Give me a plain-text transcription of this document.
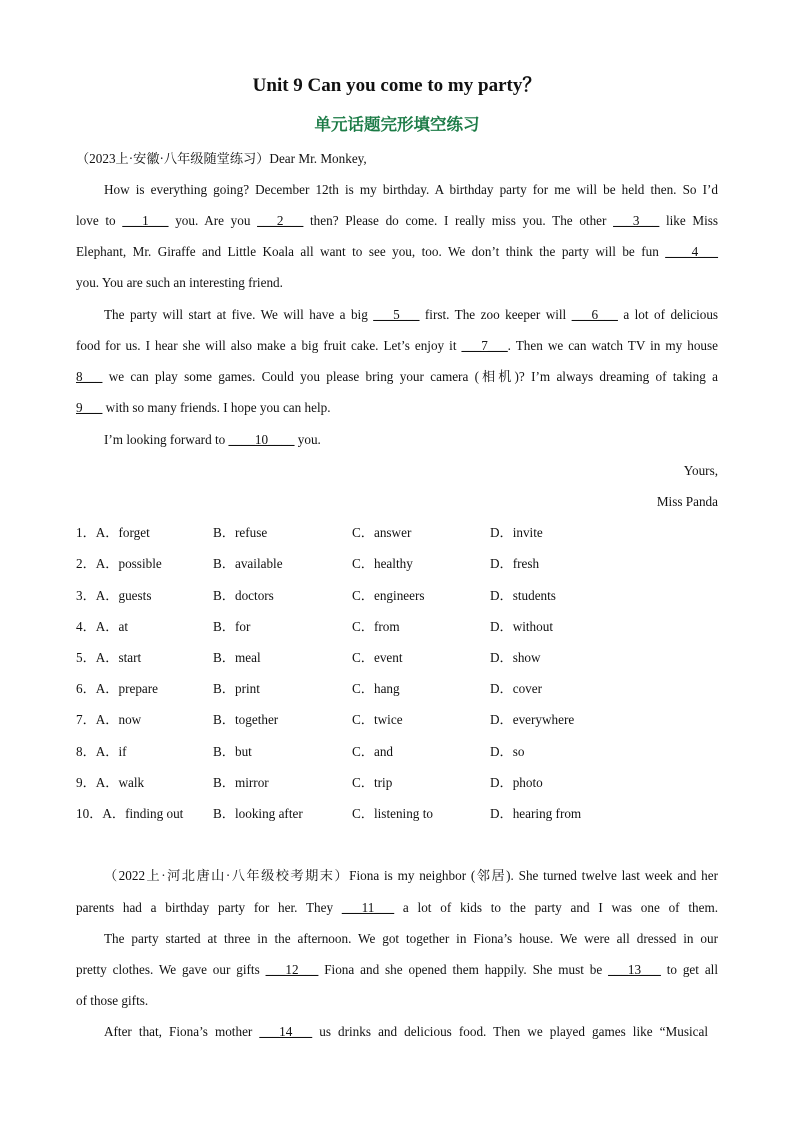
Unit 9 Can you come to my party？
单元话题完形填空练习
（2023上·安徽·八年级随堂练习）Dear Mr. Monkey,
How is everything going? December 12th is my birthday. A birthday party for me will be held then. So I’d
love to ___1___ you. Are you ___2___ then? Please do come. I really miss you. The other ___3___ like Miss
Elephant, Mr. Giraffe and Little Koala all want to see you, too. We don’t think the party will be fun ____4___
you. You are such an interesting friend.
The party will start at five. We will have a big ___5___ first. The zoo keeper will ___6___ a lot of delicious
food for us. I hear she will also make a big fruit cake. Let’s enjoy it ___7___. Then we can watch TV in my house
8___ we can play some games. Could you please bring your camera (相机)? I’m always dreaming of taking a
9___ with so many friends. I hope you can help.
I’m looking forward to ____10____ you.
Yours,
Miss Panda
1．A．forget	B．refuse	C．answer	D．invite
2．A．possible	B．available	C．healthy	D．fresh
3．A．guests	B．doctors	C．engineers	D．students
4．A．at	B．for	C．from	D．without
5．A．start	B．meal	C．event	D．show
6．A．prepare	B．print	C．hang	D．cover
7．A．now	B．together	C．twice	D．everywhere
8．A．if	B．but	C．and	D．so
9．A．walk	B．mirror	C．trip	D．photo
10．A．finding out B．looking after	C．listening to	D．hearing from
（2022上·河北唐山·八年级校考期末）Fiona is my neighbor (邻居). She turned twelve last week and her
parents had a birthday party for her. They ___11___ a lot of kids to the party and I was one of them.
The party started at three in the afternoon. We got together in Fiona’s house. We were all dressed in our
pretty clothes. We gave our gifts ___12___ Fiona and she opened them happily. She must be ___13___ to get all
of those gifts.
After that, Fiona’s mother ___14___ us drinks and delicious food. Then we played games like “Musical
